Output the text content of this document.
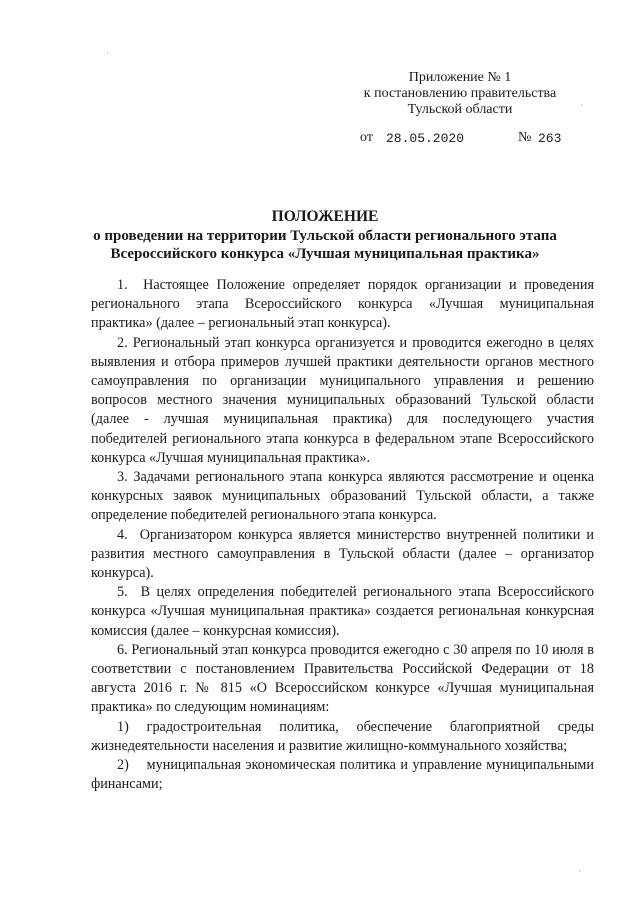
Приложение № 1
к постановлению правительства
Тульской области
от 28.05.2020	№ 263
ПОЛОЖЕНИЕ
о проведении на территории Тульской области регионального этапа
Всероссийского конкурса «Лучшая муниципальная практика»

1.  Настоящее Положение определяет порядок организации и проведения регионального этапа Всероссийского конкурса «Лучшая муниципальная практика» (далее – региональный этап конкурса).

2. Региональный этап конкурса организуется и проводится ежегодно в целях выявления и отбора примеров лучшей практики деятельности органов местного самоуправления по организации муниципального управления и решению вопросов местного значения муниципальных образований Тульской области (далее - лучшая муниципальная практика) для последующего участия победителей регионального этапа конкурса в федеральном этапе Всероссийского конкурса «Лучшая муниципальная практика».

3. Задачами регионального этапа конкурса являются рассмотрение и оценка конкурсных заявок муниципальных образований Тульской области, а также определение победителей регионального этапа конкурса.

4.  Организатором конкурса является министерство внутренней политики и развития местного самоуправления в Тульской области (далее – организатор конкурса).

5.  В целях определения победителей регионального этапа Всероссийского конкурса «Лучшая муниципальная практика» создается региональная конкурсная комиссия (далее – конкурсная комиссия).

6. Региональный этап конкурса проводится ежегодно с 30 апреля по 10 июля в соответствии с постановлением Правительства Российской Федерации от 18 августа 2016 г. № 815 «О Всероссийском конкурсе «Лучшая муниципальная практика» по следующим номинациям:

1) градостроительная политика, обеспечение благоприятной среды жизнедеятельности населения и развитие жилищно-коммунального хозяйства;

2)    муниципальная экономическая политика и управление муниципальными финансами;

·
·
·
